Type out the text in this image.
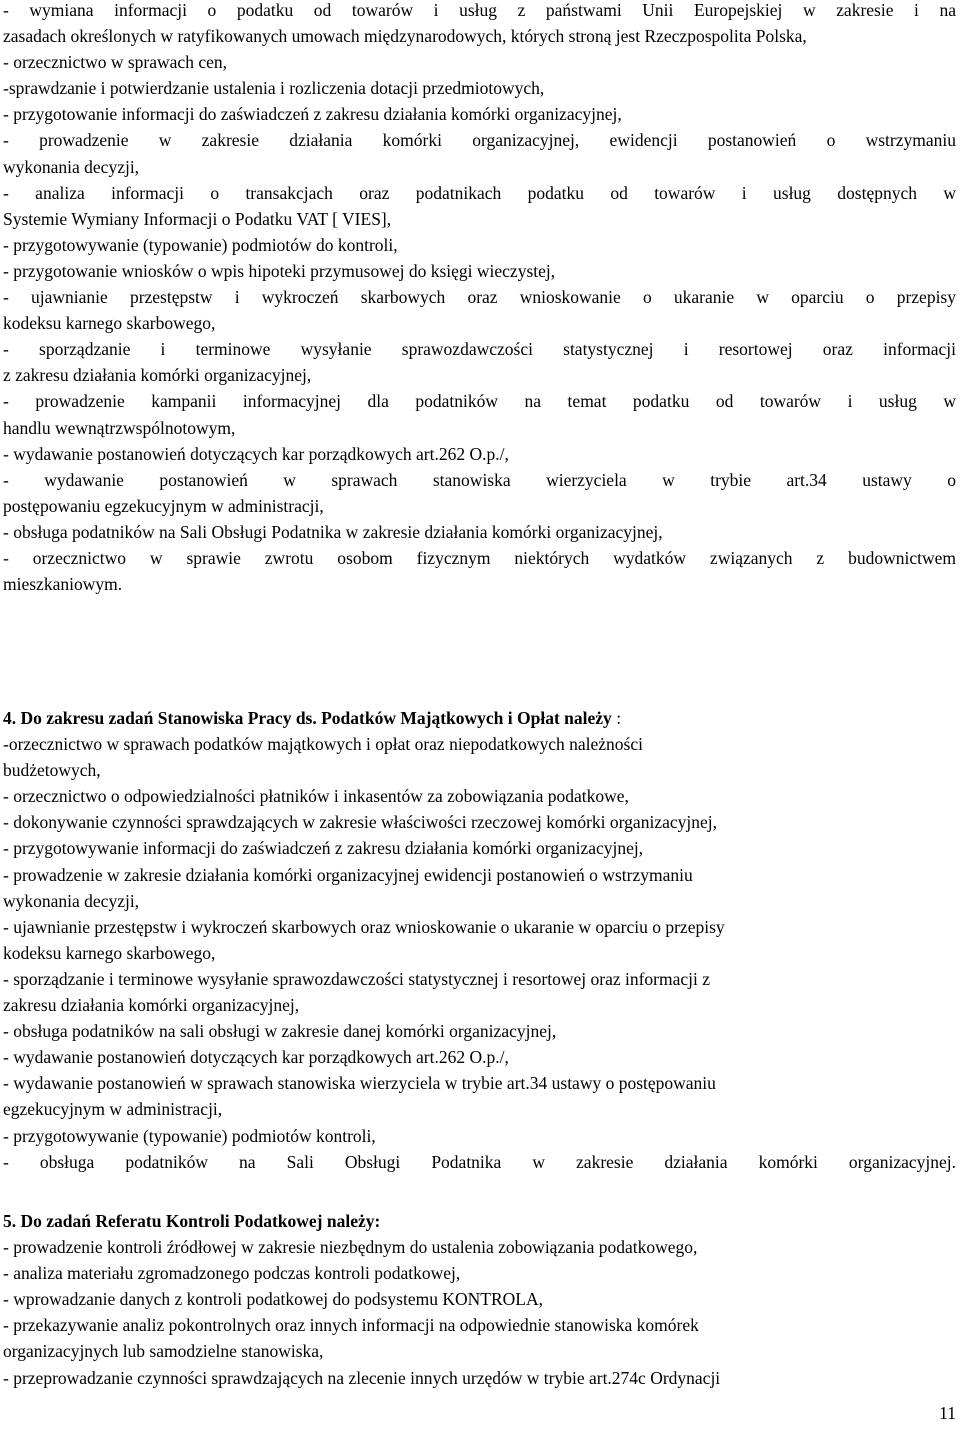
- wymiana informacji o podatku od towarów i usług z państwami Unii Europejskiej w zakresie i na
zasadach określonych w ratyfikowanych umowach międzynarodowych, których stroną jest Rzeczpospolita Polska,
- orzecznictwo w sprawach cen,
-sprawdzanie i potwierdzanie ustalenia i rozliczenia dotacji przedmiotowych,
- przygotowanie informacji do zaświadczeń z zakresu działania komórki organizacyjnej,
- prowadzenie w zakresie działania komórki organizacyjnej, ewidencji postanowień o wstrzymaniu
wykonania decyzji,
- analiza informacji o transakcjach oraz podatnikach podatku od towarów i usług dostępnych w
Systemie Wymiany Informacji o Podatku VAT [ VIES],
- przygotowywanie (typowanie) podmiotów do kontroli,
- przygotowanie wniosków o wpis hipoteki przymusowej do księgi wieczystej,
- ujawnianie przestępstw i wykroczeń skarbowych oraz wnioskowanie o ukaranie w oparciu o przepisy
kodeksu karnego skarbowego,
- sporządzanie i terminowe wysyłanie sprawozdawczości statystycznej i resortowej oraz informacji
z zakresu działania komórki organizacyjnej,
- prowadzenie kampanii informacyjnej dla podatników na temat podatku od towarów i usług w
handlu wewnątrzwspólnotowym,
- wydawanie postanowień dotyczących kar porządkowych art.262 O.p./,
- wydawanie postanowień w sprawach stanowiska wierzyciela w trybie art.34 ustawy o
postępowaniu egzekucyjnym w administracji,
- obsługa podatników na Sali Obsługi Podatnika w zakresie działania komórki organizacyjnej,
- orzecznictwo w sprawie zwrotu osobom fizycznym niektórych wydatków związanych z budownictwem
mieszkaniowym.
4. Do zakresu zadań Stanowiska Pracy ds. Podatków Majątkowych i Opłat należy :
-orzecznictwo w sprawach podatków majątkowych i opłat oraz niepodatkowych należności
budżetowych,
- orzecznictwo o odpowiedzialności płatników i inkasentów za zobowiązania podatkowe,
- dokonywanie czynności sprawdzających w zakresie właściwości rzeczowej komórki organizacyjnej,
- przygotowywanie informacji do zaświadczeń z zakresu działania komórki organizacyjnej,
- prowadzenie w zakresie działania komórki organizacyjnej ewidencji postanowień o wstrzymaniu
wykonania decyzji,
- ujawnianie przestępstw i wykroczeń skarbowych oraz wnioskowanie o ukaranie w oparciu o przepisy
kodeksu karnego skarbowego,
- sporządzanie i terminowe wysyłanie sprawozdawczości statystycznej i resortowej oraz informacji z
zakresu działania komórki organizacyjnej,
- obsługa podatników na sali obsługi w zakresie danej komórki organizacyjnej,
- wydawanie postanowień dotyczących kar porządkowych art.262 O.p./,
- wydawanie postanowień w sprawach stanowiska wierzyciela w trybie art.34 ustawy o postępowaniu
egzekucyjnym w administracji,
- przygotowywanie (typowanie) podmiotów kontroli,
- obsługa podatników na Sali Obsługi Podatnika w zakresie działania komórki organizacyjnej.
5. Do zadań Referatu Kontroli Podatkowej należy:
- prowadzenie kontroli źródłowej w zakresie niezbędnym do ustalenia zobowiązania podatkowego,
- analiza materiału zgromadzonego podczas kontroli podatkowej,
- wprowadzanie danych z kontroli podatkowej do podsystemu KONTROLA,
- przekazywanie analiz pokontrolnych oraz innych informacji na odpowiednie stanowiska komórek
organizacyjnych lub samodzielne stanowiska,
- przeprowadzanie czynności sprawdzających na zlecenie innych urzędów w trybie art.274c Ordynacji
11
